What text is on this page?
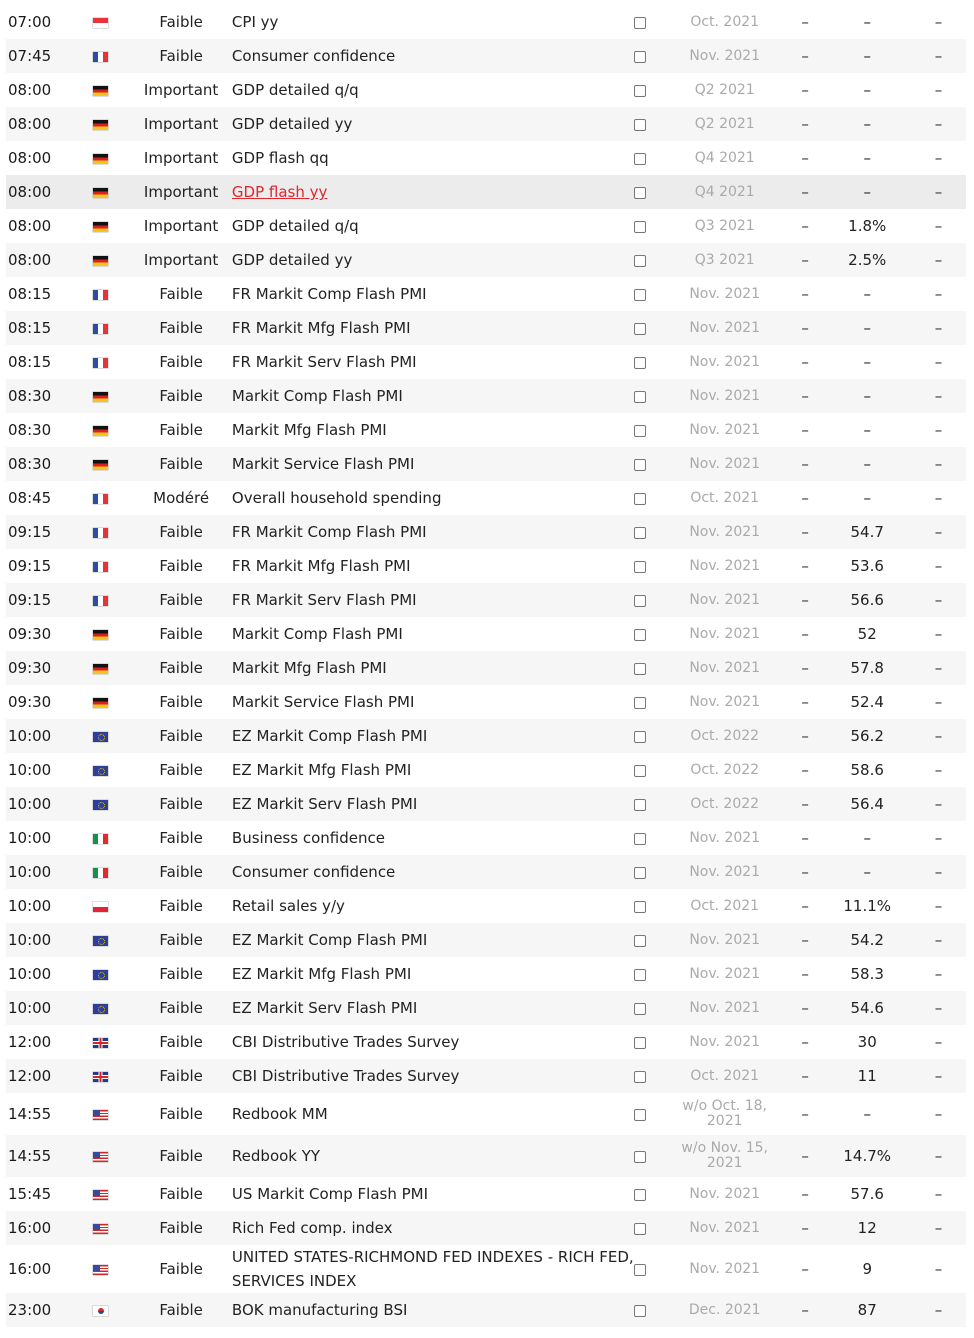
07:00		Faible	CPI yy		Oct. 2021	–	–	–
07:45		Faible	Consumer confidence		Nov. 2021	–	–	–
08:00		Important	GDP detailed q/q		Q2 2021	–	–	–
08:00		Important	GDP detailed yy		Q2 2021	–	–	–
08:00		Important	GDP flash qq		Q4 2021	–	–	–
08:00		Important	GDP flash yy		Q4 2021	–	–	–
08:00		Important	GDP detailed q/q		Q3 2021	–	1.8%	–
08:00		Important	GDP detailed yy		Q3 2021	–	2.5%	–
08:15		Faible	FR Markit Comp Flash PMI		Nov. 2021	–	–	–
08:15		Faible	FR Markit Mfg Flash PMI		Nov. 2021	–	–	–
08:15		Faible	FR Markit Serv Flash PMI		Nov. 2021	–	–	–
08:30		Faible	Markit Comp Flash PMI		Nov. 2021	–	–	–
08:30		Faible	Markit Mfg Flash PMI		Nov. 2021	–	–	–
08:30		Faible	Markit Service Flash PMI		Nov. 2021	–	–	–
08:45		Modéré	Overall household spending		Oct. 2021	–	–	–
09:15		Faible	FR Markit Comp Flash PMI		Nov. 2021	–	54.7	–
09:15		Faible	FR Markit Mfg Flash PMI		Nov. 2021	–	53.6	–
09:15		Faible	FR Markit Serv Flash PMI		Nov. 2021	–	56.6	–
09:30		Faible	Markit Comp Flash PMI		Nov. 2021	–	52	–
09:30		Faible	Markit Mfg Flash PMI		Nov. 2021	–	57.8	–
09:30		Faible	Markit Service Flash PMI		Nov. 2021	–	52.4	–
10:00		Faible	EZ Markit Comp Flash PMI		Oct. 2022	–	56.2	–
10:00		Faible	EZ Markit Mfg Flash PMI		Oct. 2022	–	58.6	–
10:00		Faible	EZ Markit Serv Flash PMI		Oct. 2022	–	56.4	–
10:00		Faible	Business confidence		Nov. 2021	–	–	–
10:00		Faible	Consumer confidence		Nov. 2021	–	–	–
10:00		Faible	Retail sales y/y		Oct. 2021	–	11.1%	–
10:00		Faible	EZ Markit Comp Flash PMI		Nov. 2021	–	54.2	–
10:00		Faible	EZ Markit Mfg Flash PMI		Nov. 2021	–	58.3	–
10:00		Faible	EZ Markit Serv Flash PMI		Nov. 2021	–	54.6	–
12:00		Faible	CBI Distributive Trades Survey		Nov. 2021	–	30	–
12:00		Faible	CBI Distributive Trades Survey		Oct. 2021	–	11	–
14:55		Faible	Redbook MM		w/o Oct. 18, 2021	–	–	–
14:55		Faible	Redbook YY		w/o Nov. 15, 2021	–	14.7%	–
15:45		Faible	US Markit Comp Flash PMI		Nov. 2021	–	57.6	–
16:00		Faible	Rich Fed comp. index		Nov. 2021	–	12	–
16:00		Faible	UNITED STATES-RICHMOND FED INDEXES - RICH FED, SERVICES INDEX		Nov. 2021	–	9	–
23:00		Faible	BOK manufacturing BSI		Dec. 2021	–	87	–
